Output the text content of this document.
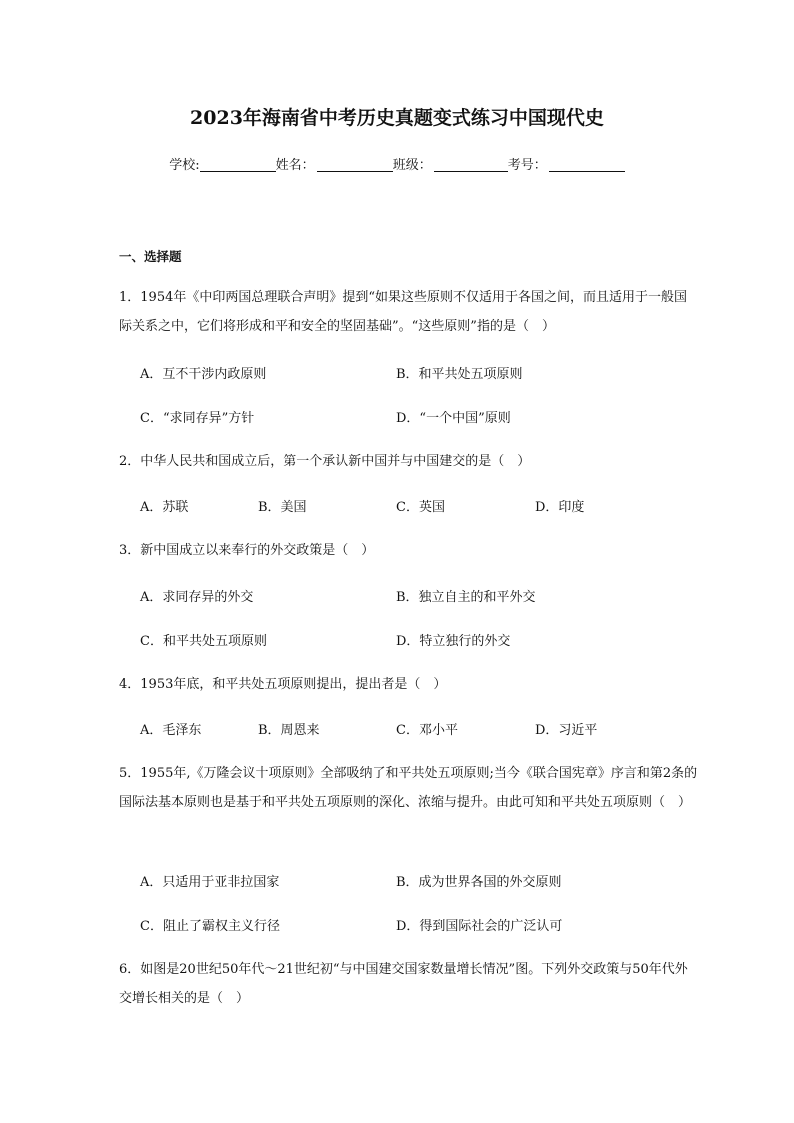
2023年海南省中考历史真题变式练习中国现代史
学校:	姓名：	班级：	考号：
一、选择题
1．1954年《中印两国总理联合声明》提到“如果这些原则不仅适用于各国之间，而且适用于一般国际关系之中，它们将形成和平和安全的坚固基础”。“这些原则”指的是（　）
A．互不干涉内政原则	B．和平共处五项原则
C．“求同存异”方针	D．“一个中国”原则
2．中华人民共和国成立后，第一个承认新中国并与中国建交的是（　）
A．苏联	B．美国	C．英国	D．印度
3．新中国成立以来奉行的外交政策是（　）
A．求同存异的外交	B．独立自主的和平外交
C．和平共处五项原则	D．特立独行的外交
4．1953年底，和平共处五项原则提出，提出者是（　）
A．毛泽东	B．周恩来	C．邓小平	D．习近平
5．1955年,《万隆会议十项原则》全部吸纳了和平共处五项原则;当今《联合国宪章》序言和第2条的国际法基本原则也是基于和平共处五项原则的深化、浓缩与提升。由此可知和平共处五项原则（　）
A．只适用于亚非拉国家	B．成为世界各国的外交原则
C．阻止了霸权主义行径	D．得到国际社会的广泛认可
6．如图是20世纪50年代～21世纪初“与中国建交国家数量增长情况”图。下列外交政策与50年代外交增长相关的是（　）
